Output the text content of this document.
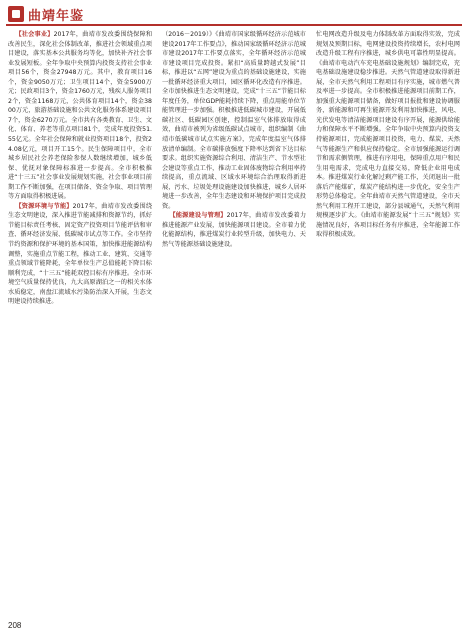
曲靖年鉴

【社会事业】2017年，曲靖市发改委围绕保障和改善民生，深化社会体制改革，推进社会领域重点项目建设，落实基本公共服务均等化，加快补齐社会事业发展短板。全年争取中央预算内投资支持社会事业项目56个，资金27948万元。其中，教育项目16个，资金9050万元；卫生项目14个，资金5900万元；民政项目3个，资金1760万元，残疾人服务项目2个，资金1168万元，公共体育项目14个，资金3800万元，旅游基础设施和公共文化服务体系建设项目7个，资金6270万元。全市共有各类教育、卫生、文化、体育、养老等重点项目81个，完成年度投资51.55亿元。全年社会保障和就业投资项目18个，投资24.08亿元，项目开工15个。民生保障项目中，全市城乡居民社会养老保险参保人数继续增加，城乡低保、优抚对象保障标准进一步提高。全市积极推进“十三五”社会事业发展规划实施，社会事业项目前期工作不断加强，在项目储备、资金争取、项目管理等方面取得积极进展。

【资源环境与节能】2017年，曲靖市发改委围绕生态文明建设，深入推进节能减排和资源节约，抓好节能目标责任考核、固定资产投资项目节能评估和审查、循环经济发展、低碳城市试点等工作。全市坚持节约资源和保护环境的基本国策，加快推进能源结构调整，实施重点节能工程，推动工业、建筑、交通等重点领域节能降耗，全年单位生产总值能耗下降目标顺利完成，“十三五”能耗双控目标有序推进。全市环境空气质量保持优良，九大高原湖泊之一的相关水体水质稳定，南盘江流域水污染防治深入开展，生态文明建设持续推进。

（2016－2019）》《曲靖市国家级循环经济示范城市建设2017年工作要点》，推动国家级循环经济示范城市建设2017年工作要点落实，全年循环经济示范城市建设项目完成投资。紧扣“高质量跨越式发展”目标，推进以“五网”建设为重点的基础设施建设，实施一批循环经济重大项目，园区循环化改造有序推进。全市加快推进生态文明建设，完成“十三五”节能目标年度任务，单位GDP能耗持续下降，重点用能单位节能管理进一步加强。积极推进低碳城市建设，开展低碳社区、低碳园区创建，控制温室气体排放取得成效，曲靖市被列为省级低碳试点城市，组织编制《曲靖市低碳城市试点实施方案》，完成年度温室气体排放清单编制。全市碳排放强度下降率达到省下达目标要求。组织实施资源综合利用、清洁生产、节水型社会建设等重点工作，推动工业固体废物综合利用率持续提高，重点流域、区域水环境综合治理取得新进展，污水、垃圾处理设施建设加快推进，城乡人居环境进一步改善，全年生态建设和环境保护项目完成投资。

【能源建设与管理】2017年，曲靖市发改委着力推进能源产业发展，加快能源项目建设。全市着力优化能源结构，推进煤炭行业转型升级，加快电力、天然气等能源基础设施建设。

忙电网改造升级及电力体制改革方面取得实效，完成规划及预期目标，电网建设投资持续增长，农村电网改造升级工程有序推进，城乡供电可靠性明显提高。《曲靖市电动汽车充电基础设施规划》编制完成，充电基础设施建设稳步推进。天然气管道建设取得新进展，全市天然气利用工程项目有序实施，城市燃气普及率进一步提高。全市积极推进能源项目前期工作，加强重大能源项目储备，做好项目报批和建设协调服务，新能源和可再生能源开发利用加快推进，风电、光伏发电等清洁能源项目建设有序开展，能源供给能力和保障水平不断增强。全年争取中央预算内投资支持能源项目，完成能源项目投资，电力、煤炭、天然气等能源生产和供应保持稳定。全市加强能源运行调节和需求侧管理，推进有序用电，保障重点用户和民生用电需求，完成电力直接交易，降低企业用电成本。推进煤炭行业化解过剩产能工作，关闭退出一批落后产能煤矿，煤炭产能结构进一步优化，安全生产形势总体稳定。全年曲靖市天然气管道建设，全市天然气利用工程开工建设，部分县城通气，天然气利用规模逐步扩大。《曲靖市能源发展“十三五”规划》实施情况良好，各项目标任务有序推进，全年能源工作取得积极成效。

208
